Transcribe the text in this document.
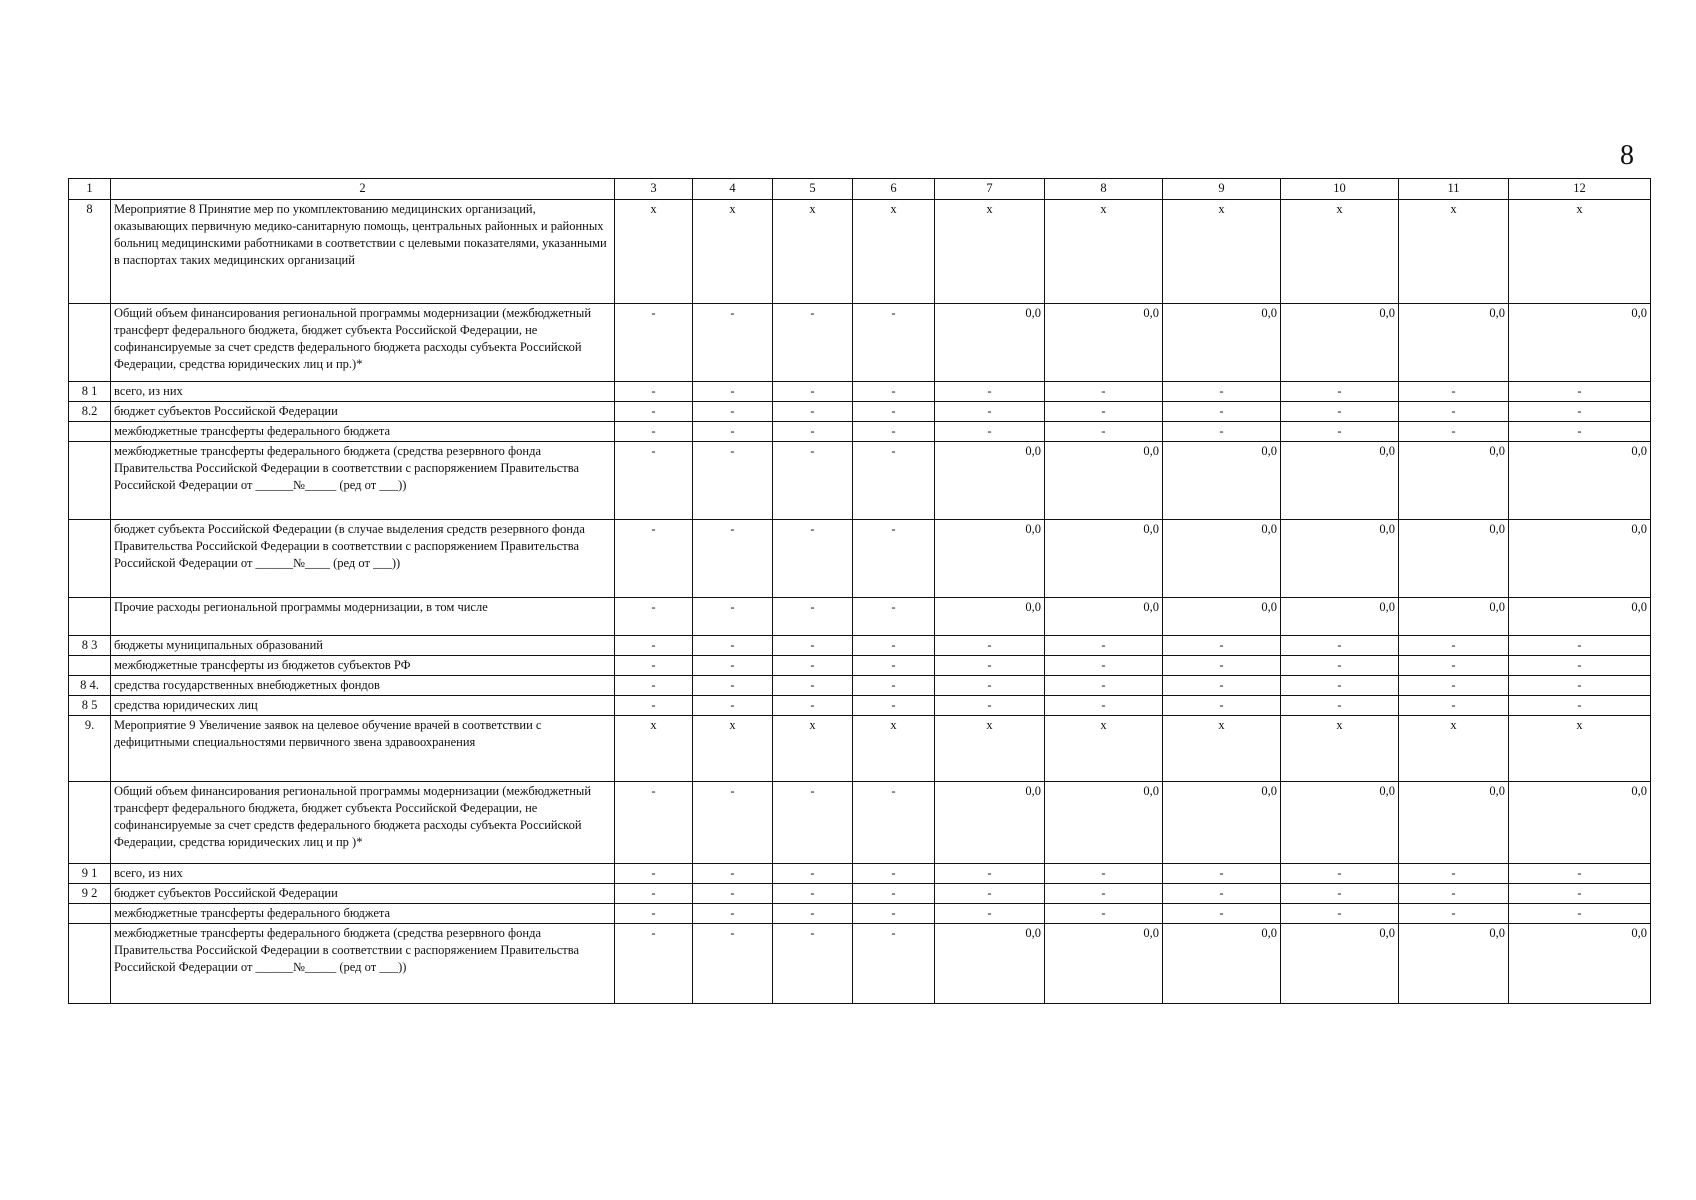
8
1	2	3	4	5	6	7	8	9	10	11	12
8	Мероприятие 8 Принятие мер по укомплектованию медицинских организаций, оказывающих первичную медико-санитарную помощь, центральных районных и районных больниц медицинскими работниками в соответствии с целевыми показателями, указанными в паспортах таких медицинских организаций	х	х	х	х	х	х	х	х	х	х
	Общий объем финансирования региональной программы модернизации (межбюджетный трансферт федерального бюджета, бюджет субъекта Российской Федерации, не софинансируемые за счет средств федерального бюджета расходы субъекта Российской Федерации, средства юридических лиц и пр.)*	-	-	-	-	0,0	0,0	0,0	0,0	0,0	0,0
8 1	всего, из них	-	-	-	-	-	-	-	-	-	-
8.2	бюджет субъектов Российской Федерации	-	-	-	-	-	-	-	-	-	-
	межбюджетные трансферты федерального бюджета	-	-	-	-	-	-	-	-	-	-
	межбюджетные трансферты федерального бюджета (средства резервного фонда Правительства Российской Федерации в соответствии с распоряжением Правительства Российской Федерации от ______№_____ (ред от ___))	-	-	-	-	0,0	0,0	0,0	0,0	0,0	0,0
	бюджет субъекта Российской Федерации (в случае выделения средств резервного фонда Правительства Российской Федерации в соответствии с распоряжением Правительства Российской Федерации от ______№____ (ред от ___))	-	-	-	-	0,0	0,0	0,0	0,0	0,0	0,0
	Прочие расходы региональной программы модернизации, в том числе	-	-	-	-	0,0	0,0	0,0	0,0	0,0	0,0
8 3	бюджеты муниципальных образований	-	-	-	-	-	-	-	-	-	-
	межбюджетные трансферты из бюджетов субъектов РФ	-	-	-	-	-	-	-	-	-	-
8 4.	средства государственных внебюджетных фондов	-	-	-	-	-	-	-	-	-	-
8 5	средства юридических лиц	-	-	-	-	-	-	-	-	-	-
9.	Мероприятие 9 Увеличение заявок на целевое обучение врачей в соответствии с дефицитными специальностями первичного звена здравоохранения	х	х	х	х	х	х	х	х	х	х
	Общий объем финансирования региональной программы модернизации (межбюджетный трансферт федерального бюджета, бюджет субъекта Российской Федерации, не софинансируемые за счет средств федерального бюджета расходы субъекта Российской Федерации, средства юридических лиц и пр )*	-	-	-	-	0,0	0,0	0,0	0,0	0,0	0,0
9 1	всего, из них	-	-	-	-	-	-	-	-	-	-
9 2	бюджет субъектов Российской Федерации	-	-	-	-	-	-	-	-	-	-
	межбюджетные трансферты федерального бюджета	-	-	-	-	-	-	-	-	-	-
	межбюджетные трансферты федерального бюджета (средства резервного фонда Правительства Российской Федерации в соответствии с распоряжением Правительства Российской Федерации от ______№_____ (ред от ___))	-	-	-	-	0,0	0,0	0,0	0,0	0,0	0,0
